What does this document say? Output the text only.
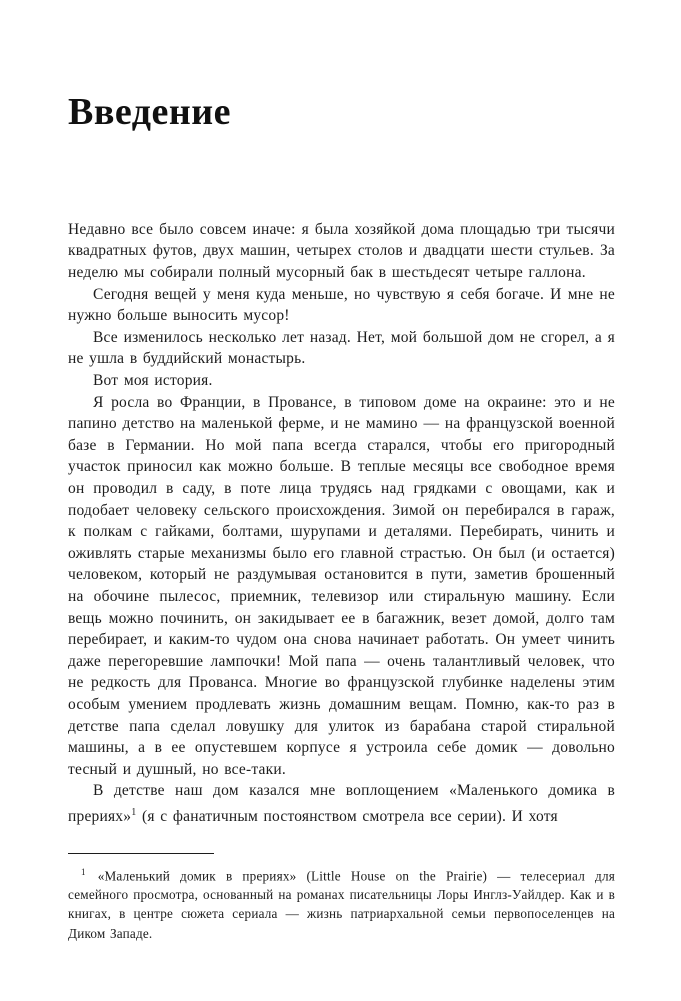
Введение

Недавно все было совсем иначе: я была хозяйкой дома площадью три тысячи квадратных футов, двух машин, четырех столов и двадцати шести стульев. За неделю мы собирали полный мусорный бак в шестьдесят четыре галлона.

Сегодня вещей у меня куда меньше, но чувствую я себя богаче. И мне не нужно больше выносить мусор!

Все изменилось несколько лет назад. Нет, мой большой дом не сгорел, а я не ушла в буддийский монастырь.

Вот моя история.

Я росла во Франции, в Провансе, в типовом доме на окраине: это и не папино детство на маленькой ферме, и не мамино — на французской военной базе в Германии. Но мой папа всегда старался, чтобы его пригородный участок приносил как можно больше. В теплые месяцы все свободное время он проводил в саду, в поте лица трудясь над грядками с овощами, как и подобает человеку сельского происхождения. Зимой он перебирался в гараж, к полкам с гайками, болтами, шурупами и деталями. Перебирать, чинить и оживлять старые механизмы было его главной страстью. Он был (и остается) человеком, который не раздумывая остановится в пути, заметив брошенный на обочине пылесос, приемник, телевизор или стиральную машину. Если вещь можно починить, он закидывает ее в багажник, везет домой, долго там перебирает, и каким-то чудом она снова начинает работать. Он умеет чинить даже перегоревшие лампочки! Мой папа — очень талантливый человек, что не редкость для Прованса. Многие во французской глубинке наделены этим особым умением продлевать жизнь домашним вещам. Помню, как-то раз в детстве папа сделал ловушку для улиток из барабана старой стиральной машины, а в ее опустевшем корпусе я устроила себе домик — довольно тесный и душный, но все-таки.

В детстве наш дом казался мне воплощением «Маленького домика в прериях»$^1$ (я с фанатичным постоянством смотрела все серии). И хотя

$^1$ «Маленький домик в прериях» (Little House on the Prairie) — телесериал для семейного просмотра, основанный на романах писательницы Лоры Инглз-Уайлдер. Как и в книгах, в центре сюжета сериала — жизнь патриархальной семьи первопоселенцев на Диком Западе.
